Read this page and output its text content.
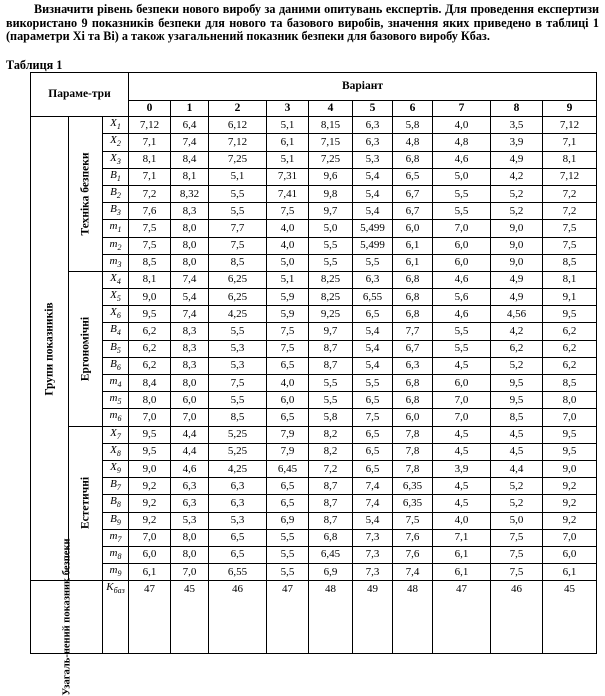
Визначити рівень безпеки нового виробу за даними опитувань експертів. Для проведення експертизи використано 9 показників безпеки для нового та базового виробів, значення яких приведено в таблиці 1 (параметри Xi та Bi) а також узагальнений показник безпеки для базового виробу Кбаз.

Таблиця 1
Параме-три			Варіант									
			0	1	2	3	4	5	6	7	8	9

Групи показників	Техніка безпеки	$X_1$	7,12	6,4	6,12	5,1	8,15	6,3	5,8	4,0	3,5	7,12
		$X_2$	7,1	7,4	7,12	6,1	7,15	6,3	4,8	4,8	3,9	7,1
		$X_3$	8,1	8,4	7,25	5,1	7,25	5,3	6,8	4,6	4,9	8,1
		$B_1$	7,1	8,1	5,1	7,31	9,6	5,4	6,5	5,0	4,2	7,12
		$B_2$	7,2	8,32	5,5	7,41	9,8	5,4	6,7	5,5	5,2	7,2
		$B_3$	7,6	8,3	5,5	7,5	9,7	5,4	6,7	5,5	5,2	7,2
		$m_1$	7,5	8,0	7,7	4,0	5,0	5,499	6,0	7,0	9,0	7,5
		$m_2$	7,5	8,0	7,5	4,0	5,5	5,499	6,1	6,0	9,0	7,5
		$m_3$	8,5	8,0	8,5	5,0	5,5	5,5	6,1	6,0	9,0	8,5

	Ергономічні	$X_4$	8,1	7,4	6,25	5,1	8,25	6,3	6,8	4,6	4,9	8,1
		$X_5$	9,0	5,4	6,25	5,9	8,25	6,55	6,8	5,6	4,9	9,1
		$X_6$	9,5	7,4	4,25	5,9	9,25	6,5	6,8	4,6	4,56	9,5
		$B_4$	6,2	8,3	5,5	7,5	9,7	5,4	7,7	5,5	4,2	6,2
		$B_5$	6,2	8,3	5,3	7,5	8,7	5,4	6,7	5,5	6,2	6,2
		$B_6$	6,2	8,3	5,3	6,5	8,7	5,4	6,3	4,5	5,2	6,2
		$m_4$	8,4	8,0	7,5	4,0	5,5	5,5	6,8	6,0	9,5	8,5
		$m_5$	8,0	6,0	5,5	6,0	5,5	6,5	6,8	7,0	9,5	8,0
		$m_6$	7,0	7,0	8,5	6,5	5,8	7,5	6,0	7,0	8,5	7,0

	Естетичні	$X_7$	9,5	4,4	5,25	7,9	8,2	6,5	7,8	4,5	4,5	9,5
		$X_8$	9,5	4,4	5,25	7,9	8,2	6,5	7,8	4,5	4,5	9,5
		$X_9$	9,0	4,6	4,25	6,45	7,2	6,5	7,8	3,9	4,4	9,0
		$B_7$	9,2	6,3	6,3	6,5	8,7	7,4	6,35	4,5	5,2	9,2
		$B_8$	9,2	6,3	6,3	6,5	8,7	7,4	6,35	4,5	5,2	9,2
		$B_9$	9,2	5,3	5,3	6,9	8,7	5,4	7,5	4,0	5,0	9,2
		$m_7$	7,0	8,0	6,5	5,5	6,8	7,3	7,6	7,1	7,5	7,0
		$m_8$	6,0	8,0	6,5	5,5	6,45	7,3	7,6	6,1	7,5	6,0
		$m_9$	6,1	7,0	6,55	5,5	6,9	7,3	7,4	6,1	7,5	6,1

Узагаль-нений показник безпеки		$K_{баз}$	47	45	46	47	48	49	48	47	46	45
